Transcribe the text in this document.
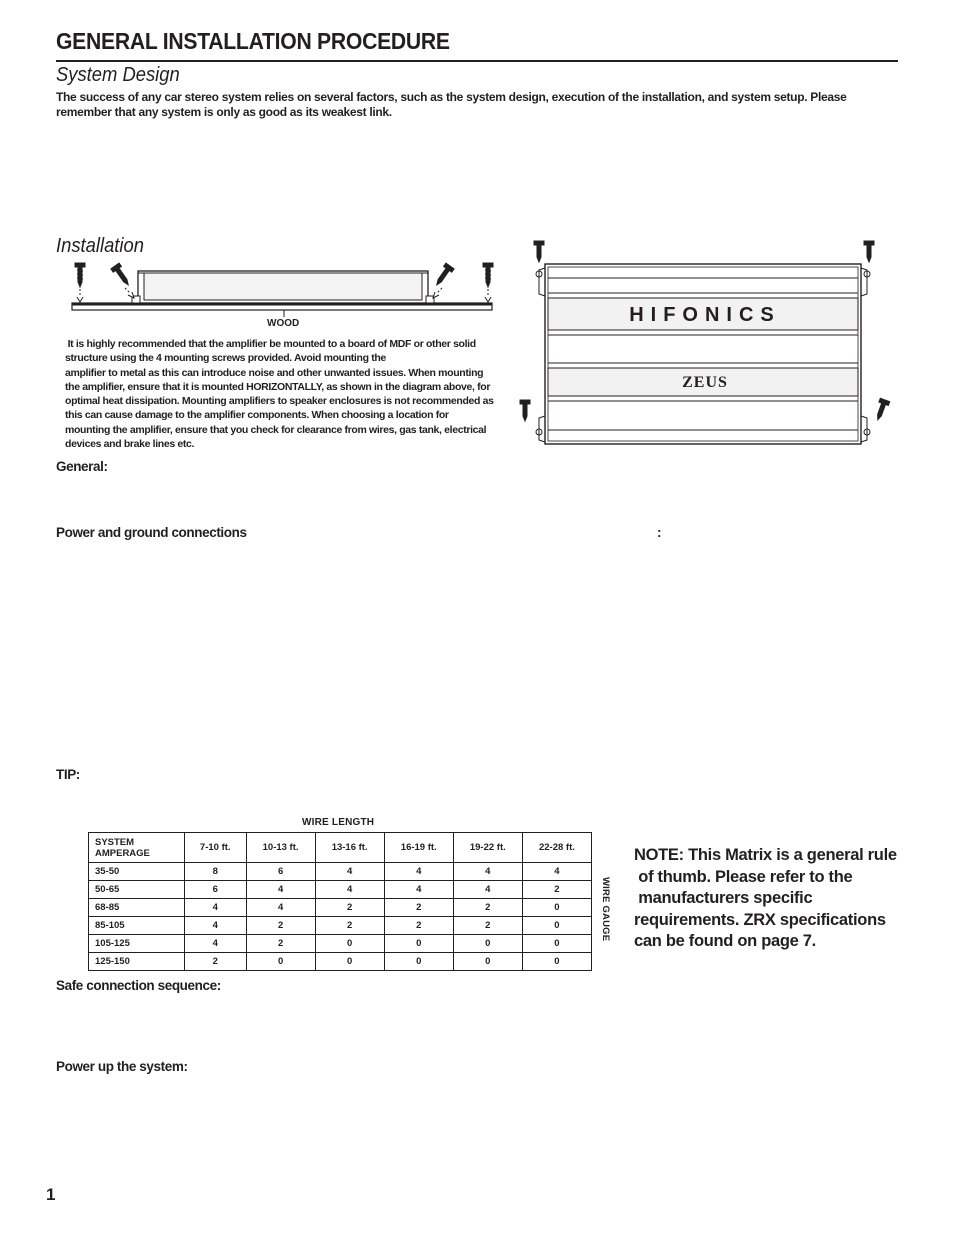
GENERAL INSTALLATION PROCEDURE
System Design
The success of any car stereo system relies on several factors, such as the system design, execution of the installation, and system setup. Please remember that any system is only as good as its weakest link.
Installation
WOOD
It is highly recommended that the amplifier be mounted to a board of MDF or other solid
structure using the 4 mounting screws provided. Avoid mounting the
amplifier to metal as this can introduce noise and other unwanted issues. When mounting
the amplifier, ensure that it is mounted HORIZONTALLY, as shown in the diagram above, for
optimal heat dissipation. Mounting amplifiers to speaker enclosures is not recommended as
this can cause damage to the amplifier components. When choosing a location for
mounting the amplifier, ensure that you check for clearance from wires, gas tank, electrical
devices and brake lines etc.
HIFONICS
ZEUS
General:
Power and ground connections	:
TIP:
WIRE LENGTH
SYSTEM
AMPERAGE	7-10 ft.	10-13 ft.	13-16 ft.	16-19 ft.	19-22 ft.	22-28 ft.
35-50	8	6	4	4	4	4
50-65	6	4	4	4	4	2
68-85	4	4	2	2	2	0
85-105	4	2	2	2	2	0
105-125	4	2	0	0	0	0
125-150	2	0	0	0	0	0
WIRE GAUGE
NOTE: This Matrix is a general rule
of thumb. Please refer to the
manufacturers specific
requirements. ZRX specifications
can be found on page 7.
Safe connection sequence:
Power up the system:
1
